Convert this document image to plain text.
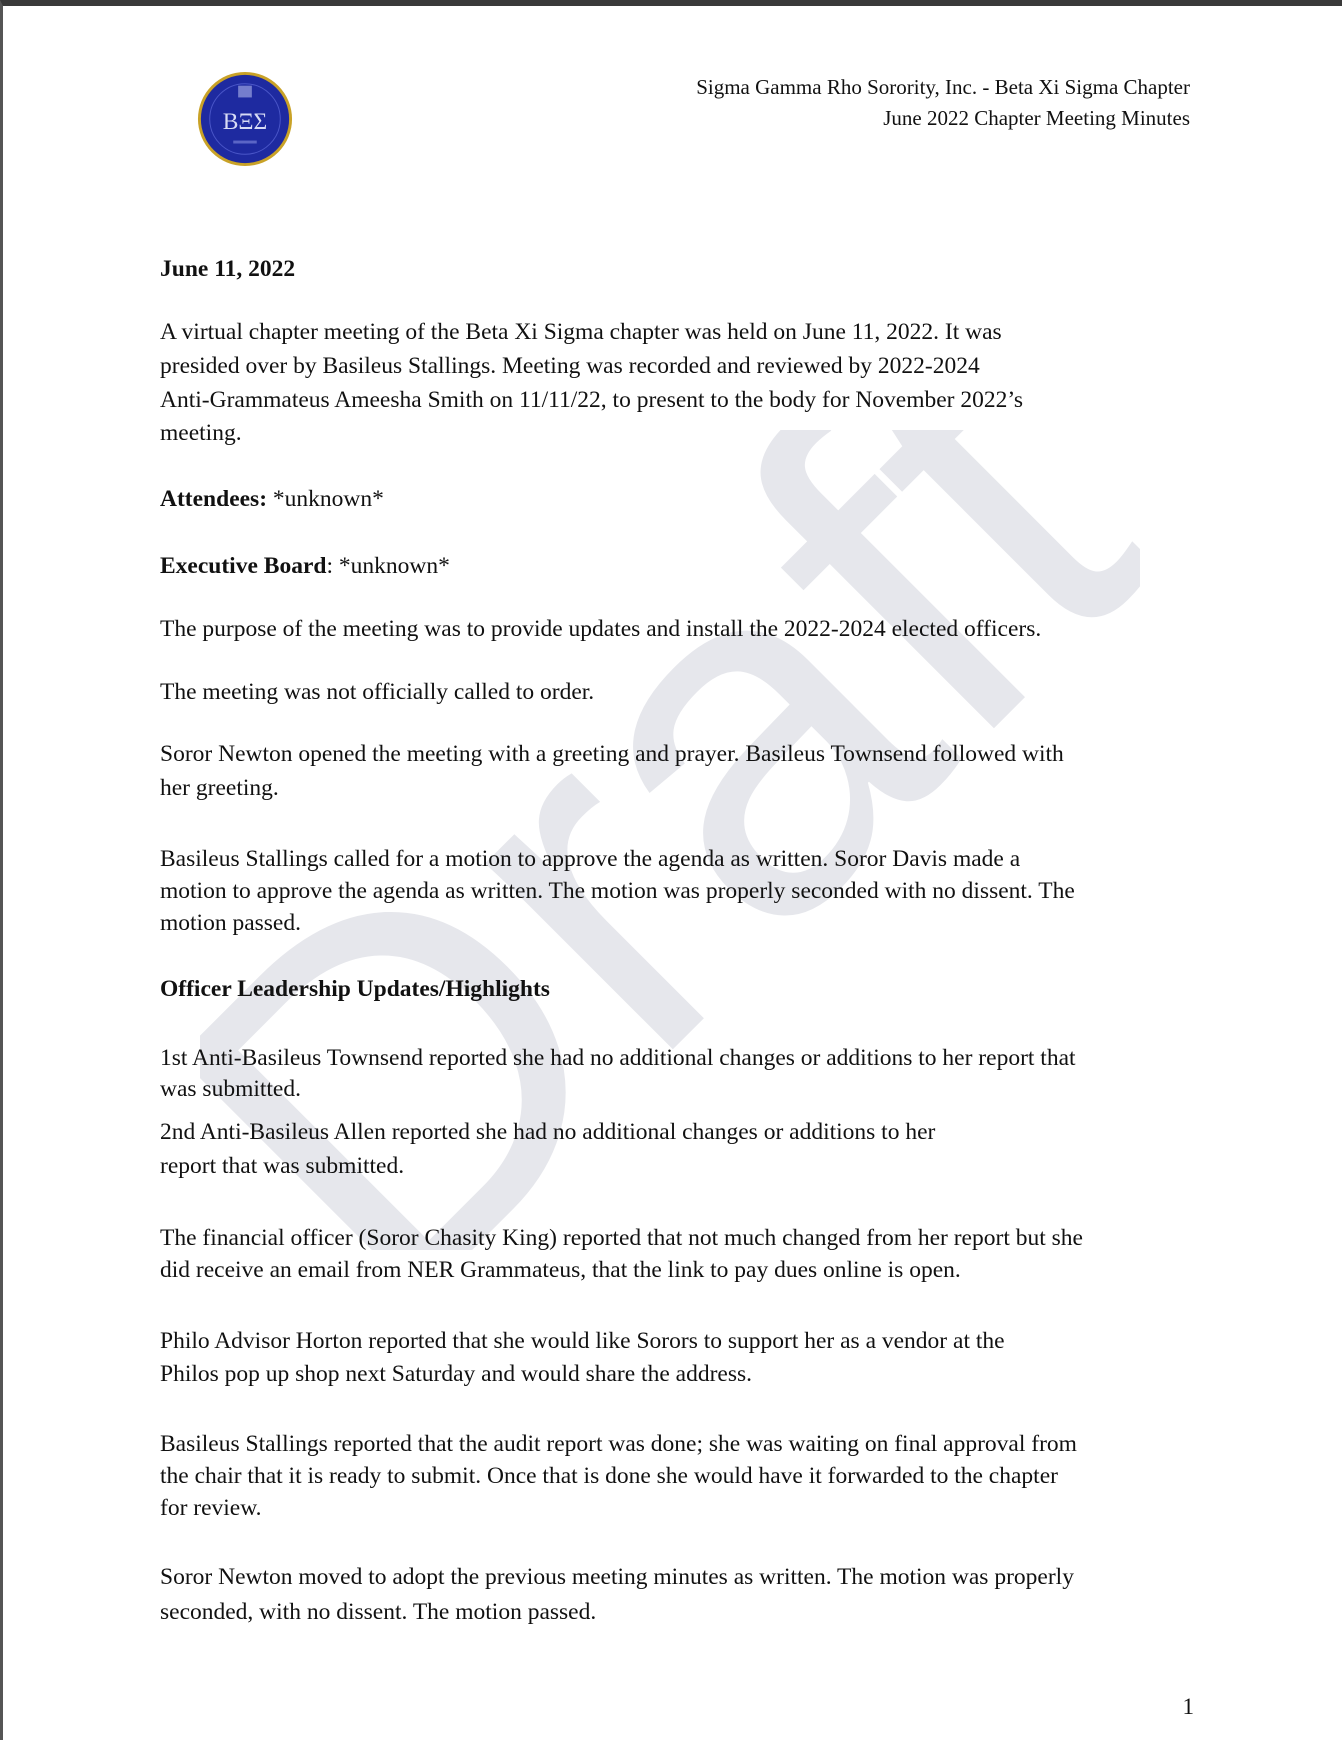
Draft
BΞΣ
Sigma Gamma Rho Sorority, Inc. - Beta Xi Sigma Chapter
June 2022 Chapter Meeting Minutes

June 11, 2022

A virtual chapter meeting of the Beta Xi Sigma chapter was held on June 11, 2022. It was

presided over by Basileus Stallings. Meeting was recorded and reviewed by 2022-2024

Anti-Grammateus Ameesha Smith on 11/11/22, to present to the body for November 2022’s

meeting.

Attendees: *unknown*

Executive Board: *unknown*

The purpose of the meeting was to provide updates and install the 2022-2024 elected officers.

The meeting was not officially called to order.

Soror Newton opened the meeting with a greeting and prayer. Basileus Townsend followed with

her greeting.

Basileus Stallings called for a motion to approve the agenda as written. Soror Davis made a

motion to approve the agenda as written. The motion was properly seconded with no dissent. The

motion passed.

Officer Leadership Updates/Highlights

1st Anti-Basileus Townsend reported she had no additional changes or additions to her report that

was submitted.

2nd Anti-Basileus Allen reported she had no additional changes or additions to her

report that was submitted.

The financial officer (Soror Chasity King) reported that not much changed from her report but she

did receive an email from NER Grammateus, that the link to pay dues online is open.

Philo Advisor Horton reported that she would like Sorors to support her as a vendor at the

Philos pop up shop next Saturday and would share the address.

Basileus Stallings reported that the audit report was done; she was waiting on final approval from

the chair that it is ready to submit. Once that is done she would have it forwarded to the chapter

for review.

Soror Newton moved to adopt the previous meeting minutes as written. The motion was properly

seconded, with no dissent. The motion passed.

1
